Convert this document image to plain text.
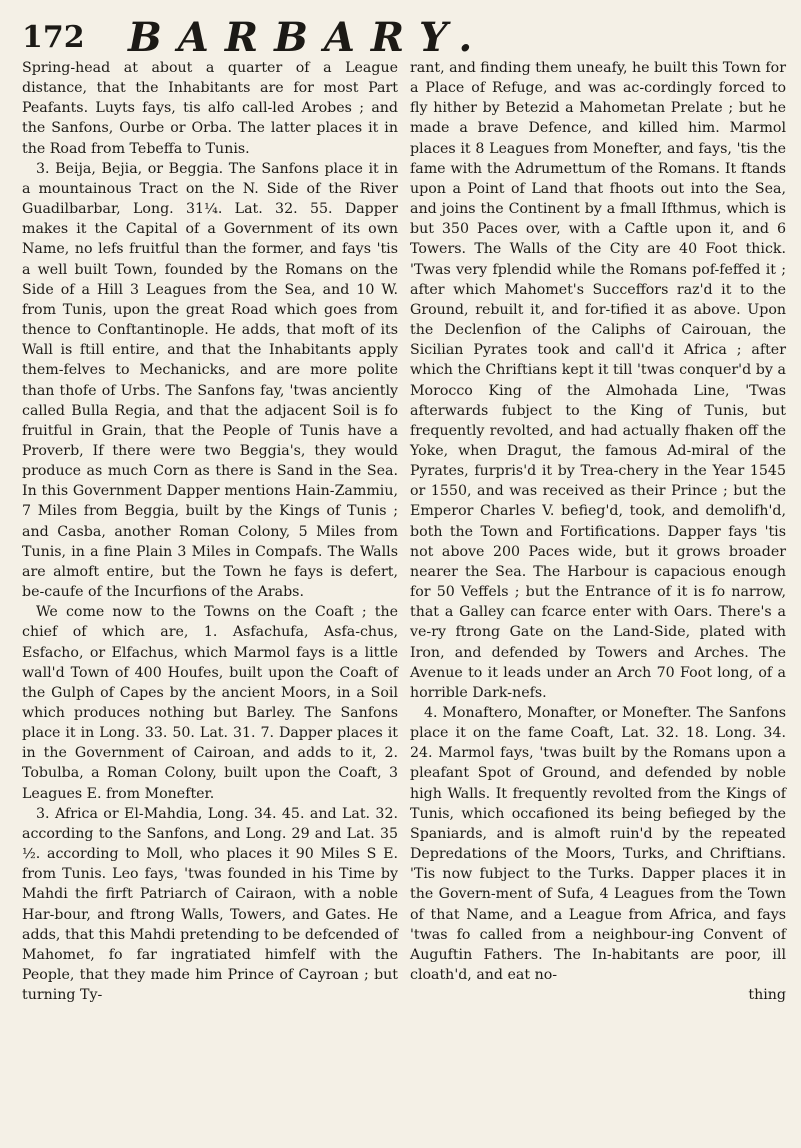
172 BARBARY.

Spring-head at about a quarter of a League distance, that the Inhabitants are for most Part Peafants. Luyts fays, tis alfo call-led Arobes ; and the Sanfons, Ourbe or Orba. The latter places it in the Road from Tebeffa to Tunis.

3. Beija, Bejia, or Beggia. The Sanfons place it in a mountainous Tract on the N. Side of the River Guadilbarbar, Long. 31¼. Lat. 32. 55. Dapper makes it the Capital of a Government of its own Name, no lefs fruitful than the former, and fays 'tis a well built Town, founded by the Romans on the Side of a Hill 3 Leagues from the Sea, and 10 W. from Tunis, upon the great Road which goes from thence to Conftantinople. He adds, that moft of its Wall is ftill entire, and that the Inhabitants apply them-felves to Mechanicks, and are more polite than thofe of Urbs. The Sanfons fay, 'twas anciently called Bulla Regia, and that the adjacent Soil is fo fruitful in Grain, that the People of Tunis have a Proverb, If there were two Beggia's, they would produce as much Corn as there is Sand in the Sea. In this Government Dapper mentions Hain-Zammiu, 7 Miles from Beggia, built by the Kings of Tunis ; and Casba, another Roman Colony, 5 Miles from Tunis, in a fine Plain 3 Miles in Compafs. The Walls are almoft entire, but the Town he fays is defert, be-caufe of the Incurfions of the Arabs.

We come now to the Towns on the Coaft ; the chief of which are, 1. Asfachufa, Asfa-chus, Esfacho, or Elfachus, which Marmol fays is a little wall'd Town of 400 Houfes, built upon the Coaft of the Gulph of Capes by the ancient Moors, in a Soil which produces nothing but Barley. The Sanfons place it in Long. 33. 50. Lat. 31. 7. Dapper places it in the Government of Cairoan, and adds to it, 2. Tobulba, a Roman Colony, built upon the Coaft, 3 Leagues E. from Monefter.

3. Africa or El-Mahdia, Long. 34. 45. and Lat. 32. according to the Sanfons, and Long. 29 and Lat. 35 ½. according to Moll, who places it 90 Miles S E. from Tunis. Leo fays, 'twas founded in his Time by Mahdi the firft Patriarch of Cairaon, with a noble Har-bour, and ftrong Walls, Towers, and Gates. He adds, that this Mahdi pretending to be defcended of Mahomet, fo far ingratiated himfelf with the People, that they made him Prince of Cayroan ; but turning Ty-

rant, and finding them uneafy, he built this Town for a Place of Refuge, and was ac-cordingly forced to fly hither by Betezid a Mahometan Prelate ; but he made a brave Defence, and killed him. Marmol places it 8 Leagues from Monefter, and fays, 'tis the fame with the Adrumettum of the Romans. It ftands upon a Point of Land that fhoots out into the Sea, and joins the Continent by a fmall Ifthmus, which is but 350 Paces over, with a Caftle upon it, and 6 Towers. The Walls of the City are 40 Foot thick. 'Twas very fplendid while the Romans pof-feffed it ; after which Mahomet's Succeffors raz'd it to the Ground, rebuilt it, and for-tified it as above. Upon the Declenfion of the Caliphs of Cairouan, the Sicilian Pyrates took and call'd it Africa ; after which the Chriftians kept it till 'twas conquer'd by a Morocco King of the Almohada Line, 'Twas afterwards fubject to the King of Tunis, but frequently revolted, and had actually fhaken off the Yoke, when Dragut, the famous Ad-miral of the Pyrates, furpris'd it by Trea-chery in the Year 1545 or 1550, and was received as their Prince ; but the Emperor Charles V. befieg'd, took, and demolifh'd, both the Town and Fortifications. Dapper fays 'tis not above 200 Paces wide, but it grows broader nearer the Sea. The Harbour is capacious enough for 50 Veffels ; but the Entrance of it is fo narrow, that a Galley can fcarce enter with Oars. There's a ve-ry ftrong Gate on the Land-Side, plated with Iron, and defended by Towers and Arches. The Avenue to it leads under an Arch 70 Foot long, of a horrible Dark-nefs.

4. Monaftero, Monafter, or Monefter. The Sanfons place it on the fame Coaft, Lat. 32. 18. Long. 34. 24. Marmol fays, 'twas built by the Romans upon a pleafant Spot of Ground, and defended by noble high Walls. It frequently revolted from the Kings of Tunis, which occafioned its being befieged by the Spaniards, and is almoft ruin'd by the repeated Depredations of the Moors, Turks, and Chriftians. 'Tis now fubject to the Turks. Dapper places it in the Govern-ment of Sufa, 4 Leagues from the Town of that Name, and a League from Africa, and fays 'twas fo called from a neighbour-ing Convent of Auguftin Fathers. The In-habitants are poor, ill cloath'd, and eat no-

thing
